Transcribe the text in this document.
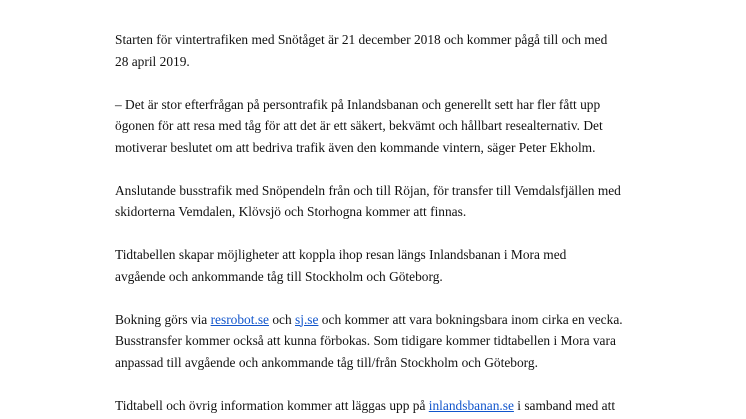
Starten för vintertrafiken med Snötåget är 21 december 2018 och kommer pågå till och med
28 april 2019.

– Det är stor efterfrågan på persontrafik på Inlandsbanan och generellt sett har fler fått upp
ögonen för att resa med tåg för att det är ett säkert, bekvämt och hållbart resealternativ. Det
motiverar beslutet om att bedriva trafik även den kommande vintern, säger Peter Ekholm.

Anslutande busstrafik med Snöpendeln från och till Röjan, för transfer till Vemdalsfjällen med
skidorterna Vemdalen, Klövsjö och Storhogna kommer att finnas.

Tidtabellen skapar möjligheter att koppla ihop resan längs Inlandsbanan i Mora med
avgående och ankommande tåg till Stockholm och Göteborg.

Bokning görs via resrobot.se och sj.se och kommer att vara bokningsbara inom cirka en vecka.
Busstransfer kommer också att kunna förbokas. Som tidigare kommer tidtabellen i Mora vara
anpassad till avgående och ankommande tåg till/från Stockholm och Göteborg.

Tidtabell och övrig information kommer att läggas upp på inlandsbanan.se i samband med att
